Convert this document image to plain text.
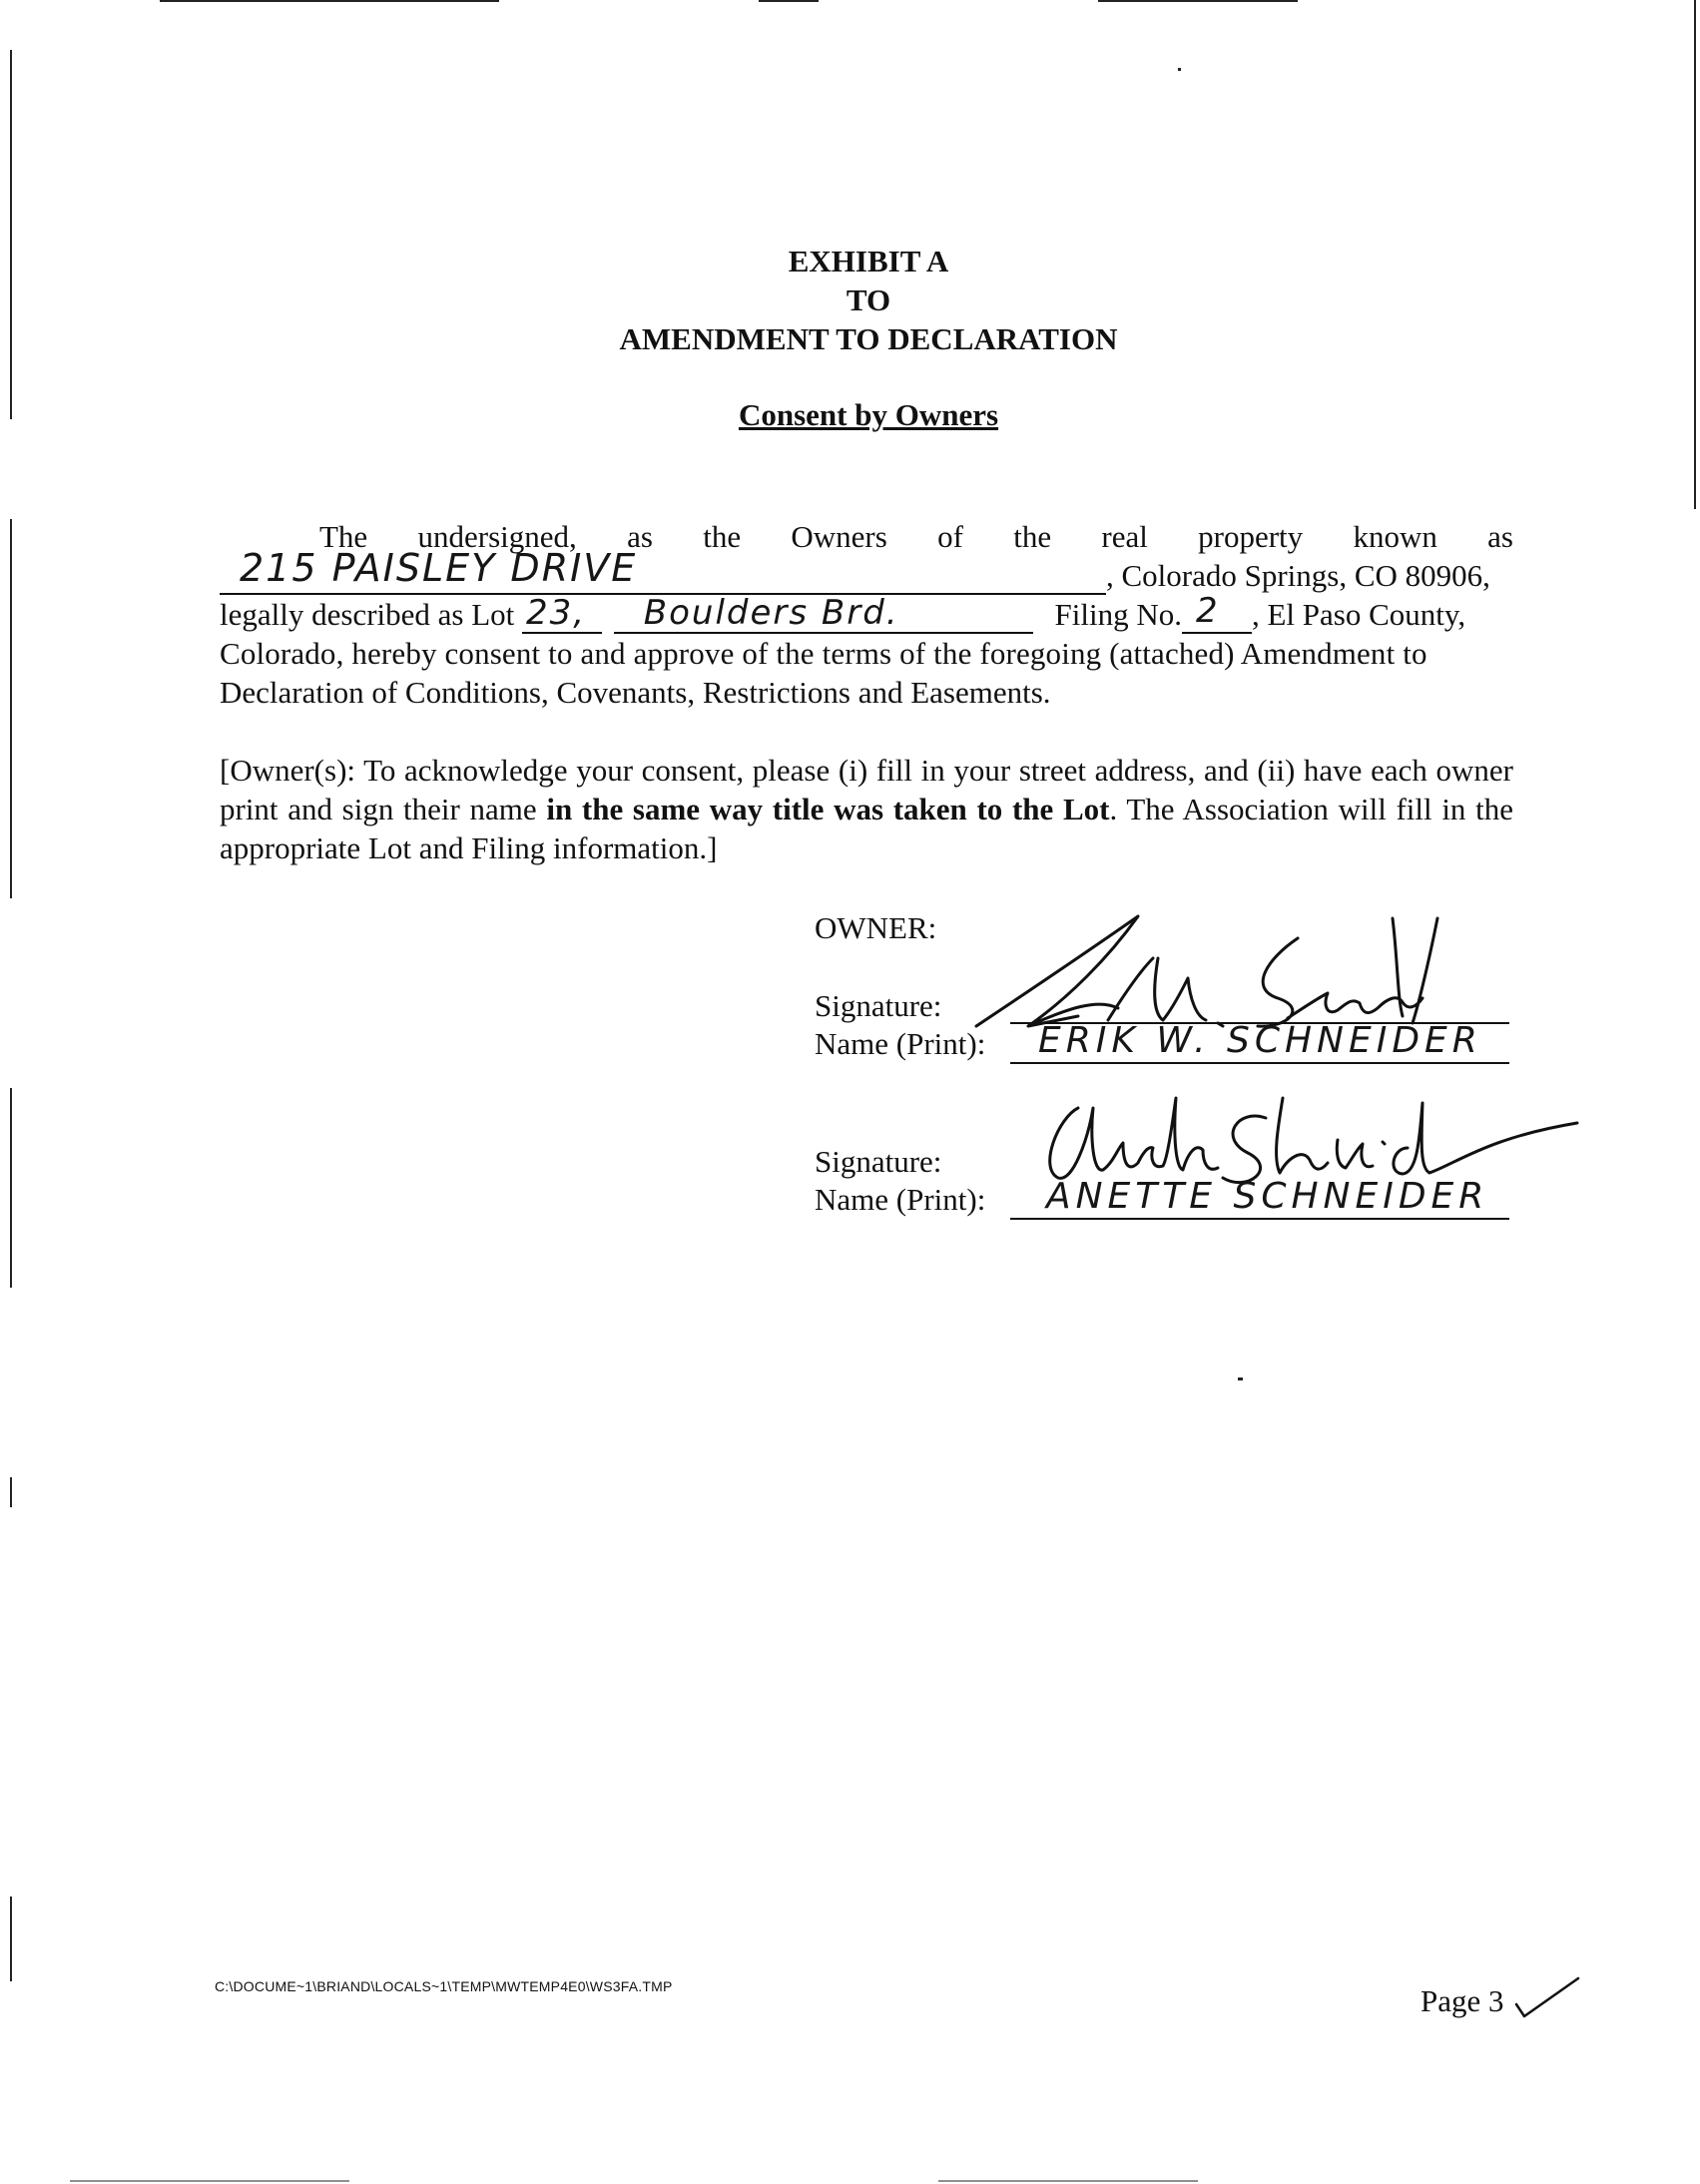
EXHIBIT A
TO
AMENDMENT TO DECLARATION
Consent by Owners
The undersigned, as the Owners of the real property known as
215 PAISLEY DRIVE	, Colorado Springs, CO 80906,
legally described as Lot 23,
Boulders Brd.	Filing No. 2 , El Paso County,
Colorado, hereby consent to and approve of the terms of the foregoing (attached) Amendment to
Declaration of Conditions, Covenants, Restrictions and Easements.
[Owner(s): To acknowledge your consent, please (i) fill in your street address, and (ii) have each owner print and sign their name in the same way title was taken to the Lot. The Association will fill in the appropriate Lot and Filing information.]
OWNER:
Signature:
Name (Print): ERIK W. SCHNEIDER
Signature:
Name (Print): ANETTE SCHNEIDER
C:\DOCUME~1\BRIAND\LOCALS~1\TEMP\MWTEMP4E0\WS3FA.TMP	Page 3
